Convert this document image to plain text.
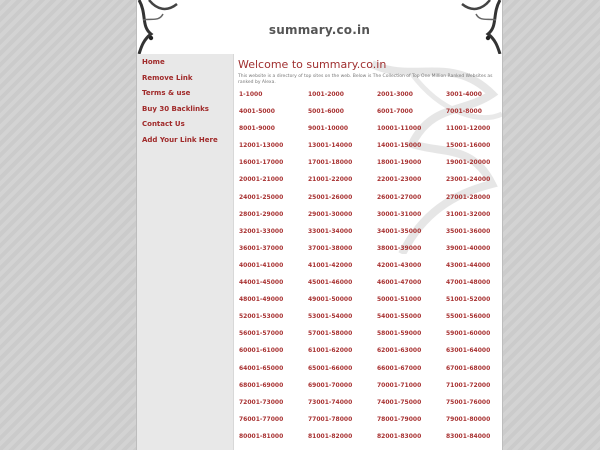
summary.co.in
Home
Remove Link
Terms & use
Buy 30 Backlinks
Contact Us
Add Your Link Here
Welcome to summary.co.in
This website is a directory of top sites on the web. Below is The Collection of Top One Million Ranked Websites as ranked by Alexa.
1-1000	1001-2000	2001-3000	3001-4000
4001-5000	5001-6000	6001-7000	7001-8000
8001-9000	9001-10000	10001-11000	11001-12000
12001-13000	13001-14000	14001-15000	15001-16000
16001-17000	17001-18000	18001-19000	19001-20000
20001-21000	21001-22000	22001-23000	23001-24000
24001-25000	25001-26000	26001-27000	27001-28000
28001-29000	29001-30000	30001-31000	31001-32000
32001-33000	33001-34000	34001-35000	35001-36000
36001-37000	37001-38000	38001-39000	39001-40000
40001-41000	41001-42000	42001-43000	43001-44000
44001-45000	45001-46000	46001-47000	47001-48000
48001-49000	49001-50000	50001-51000	51001-52000
52001-53000	53001-54000	54001-55000	55001-56000
56001-57000	57001-58000	58001-59000	59001-60000
60001-61000	61001-62000	62001-63000	63001-64000
64001-65000	65001-66000	66001-67000	67001-68000
68001-69000	69001-70000	70001-71000	71001-72000
72001-73000	73001-74000	74001-75000	75001-76000
76001-77000	77001-78000	78001-79000	79001-80000
80001-81000	81001-82000	82001-83000	83001-84000
